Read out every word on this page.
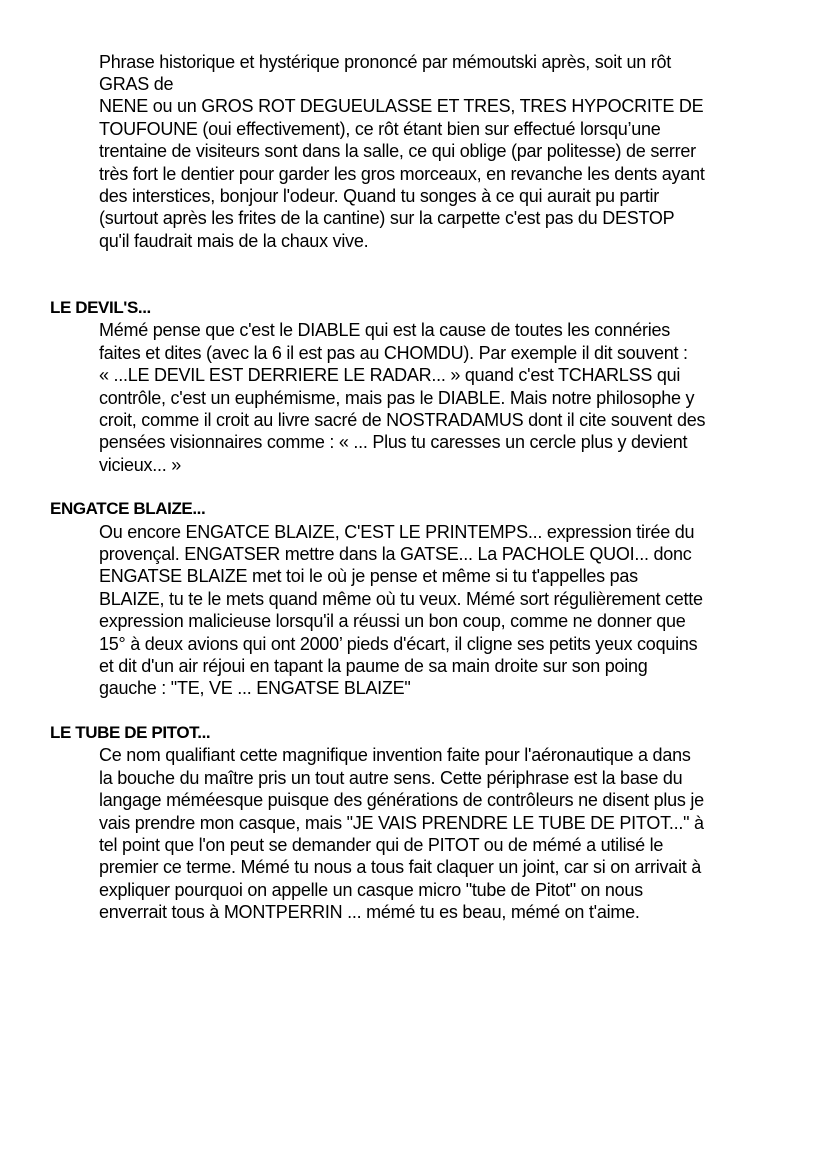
Phrase historique et hystérique prononcé par mémoutski après, soit un rôt
GRAS de
NENE ou un GROS ROT DEGUEULASSE ET TRES, TRES HYPOCRITE DE
TOUFOUNE (oui effectivement), ce rôt étant bien sur effectué lorsqu’une
trentaine de visiteurs sont dans la salle, ce qui oblige (par politesse) de serrer
très fort le dentier pour garder les gros morceaux, en revanche les dents ayant
des interstices, bonjour l'odeur. Quand tu songes à ce qui aurait pu partir
(surtout après les frites de la cantine) sur la carpette c'est pas du DESTOP
qu'il faudrait mais de la chaux vive.
LE DEVIL'S...
Mémé pense que c'est le DIABLE qui est la cause de toutes les connéries
faites et dites (avec la 6 il est pas au CHOMDU). Par exemple il dit souvent :
« ...LE DEVIL EST DERRIERE LE RADAR... » quand c'est TCHARLSS qui
contrôle, c'est un euphémisme, mais pas le DIABLE. Mais notre philosophe y
croit, comme il croit au livre sacré de NOSTRADAMUS dont il cite souvent des
pensées visionnaires comme : « ... Plus tu caresses un cercle plus y devient
vicieux... »
ENGATCE BLAIZE...
Ou encore ENGATCE BLAIZE, C'EST LE PRINTEMPS... expression tirée du
provençal. ENGATSER mettre dans la GATSE... La PACHOLE QUOI... donc
ENGATSE BLAIZE met toi le où je pense et même si tu t'appelles pas
BLAIZE, tu te le mets quand même où tu veux. Mémé sort régulièrement cette
expression malicieuse lorsqu'il a réussi un bon coup, comme ne donner que
15° à deux avions qui ont 2000’ pieds d'écart, il cligne ses petits yeux coquins
et dit d'un air réjoui en tapant la paume de sa main droite sur son poing
gauche : "TE, VE ... ENGATSE BLAIZE"
LE TUBE DE PITOT...
Ce nom qualifiant cette magnifique invention faite pour l'aéronautique a dans
la bouche du maître pris un tout autre sens. Cette périphrase est la base du
langage méméesque puisque des générations de contrôleurs ne disent plus je
vais prendre mon casque, mais "JE VAIS PRENDRE LE TUBE DE PITOT..." à
tel point que l'on peut se demander qui de PITOT ou de mémé a utilisé le
premier ce terme. Mémé tu nous a tous fait claquer un joint, car si on arrivait à
expliquer pourquoi on appelle un casque micro "tube de Pitot" on nous
enverrait tous à MONTPERRIN ... mémé tu es beau, mémé on t'aime.
